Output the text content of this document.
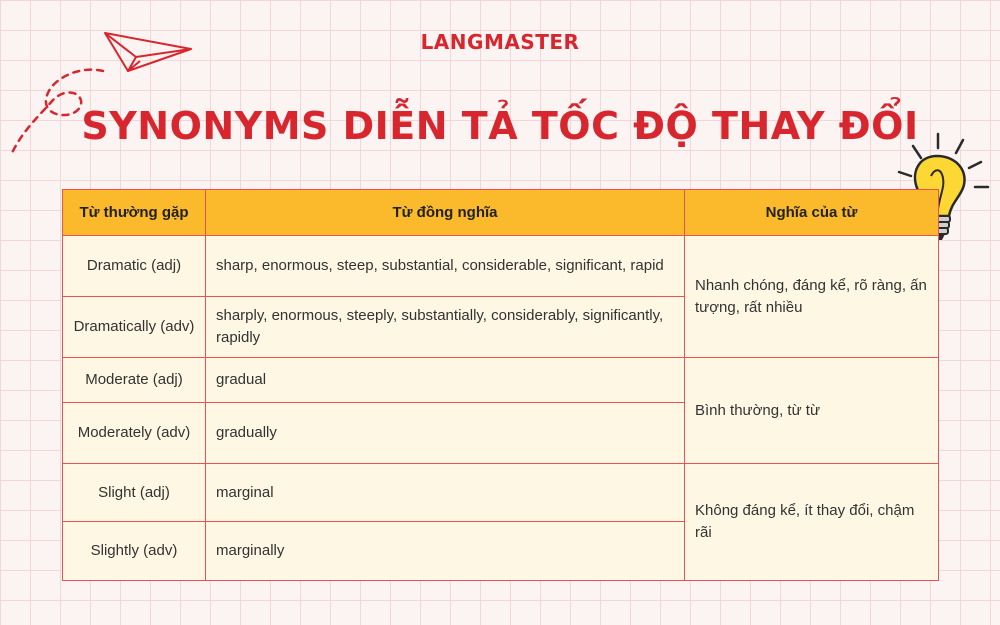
LANGMASTER
SYNONYMS DIỄN TẢ TỐC ĐỘ THAY ĐỔI
Từ thường gặp	Từ đồng nghĩa	Nghĩa của từ
Dramatic (adj)	sharp, enormous, steep, substantial, considerable, significant, rapid	Nhanh chóng, đáng kể, rõ ràng, ấn tượng, rất nhiều
Dramatically (adv)	sharply, enormous, steeply, substantially, considerably, significantly, rapidly	
Moderate (adj)	gradual	Bình thường, từ từ
Moderately (adv)	gradually	
Slight (adj)	marginal	Không đáng kể, ít thay đổi, chậm rãi
Slightly (adv)	marginally	
